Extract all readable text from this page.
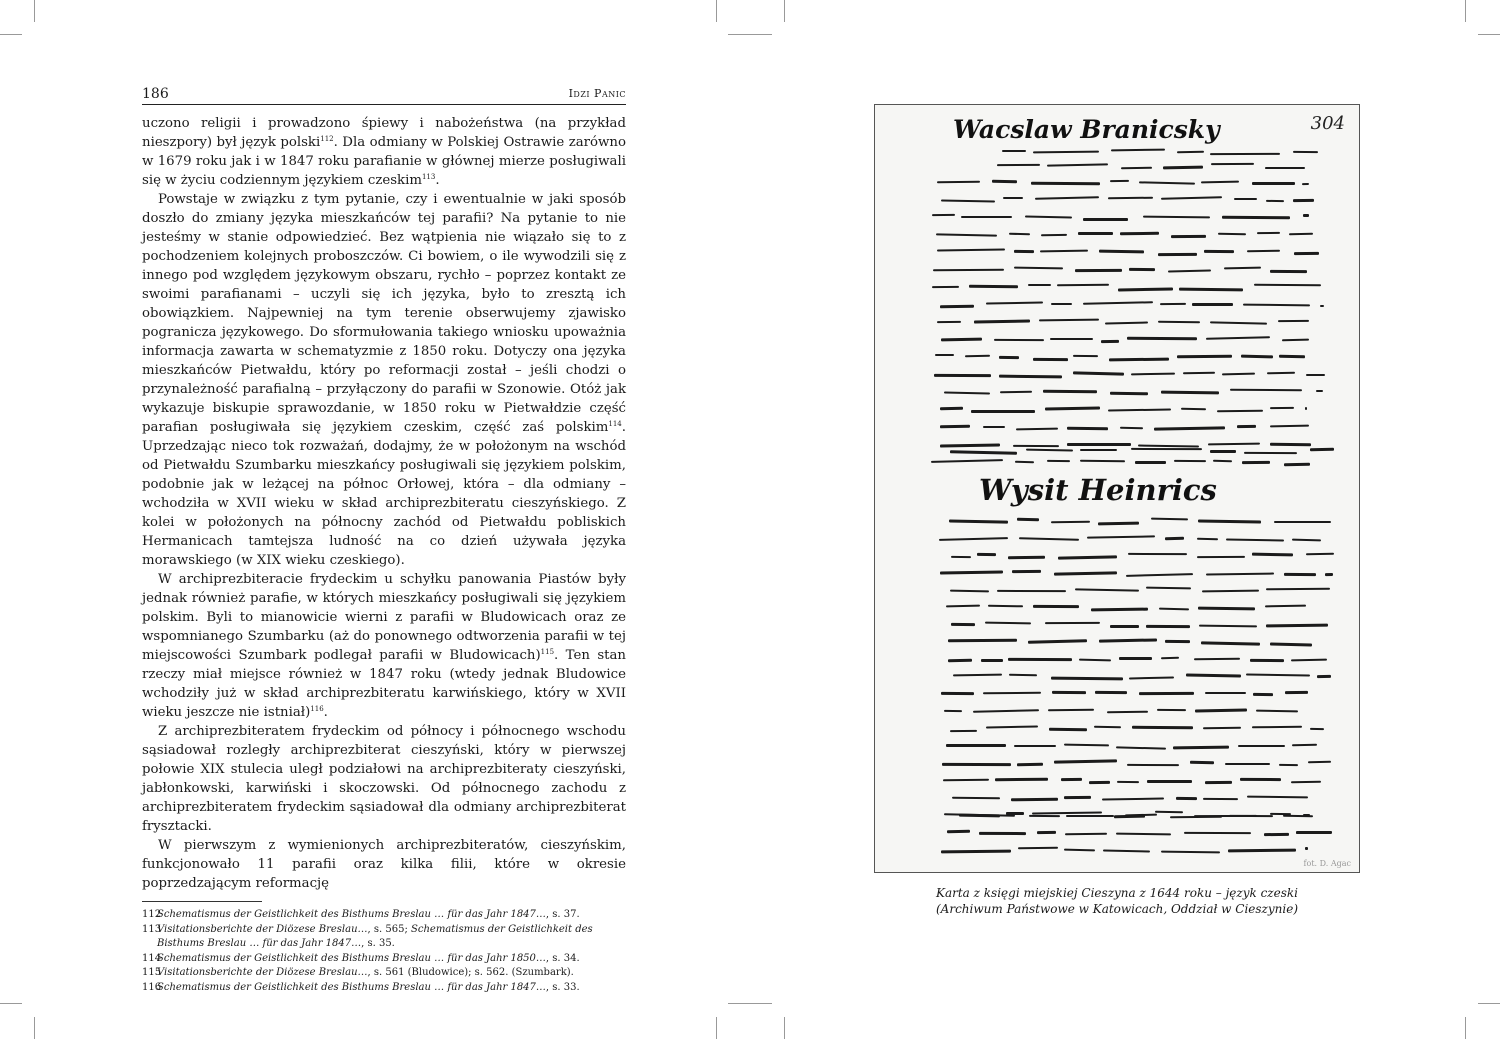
186	Idzi Panic

uczono religii i prowadzono śpiewy i nabożeństwa (na przykład nieszpory) był język polski$^{112}$. Dla odmiany w Polskiej Ostrawie zarówno w 1679 roku jak i w 1847 roku parafianie w głównej mierze posługiwali się w życiu codziennym językiem czeskim$^{113}$.

Powstaje w związku z tym pytanie, czy i ewentualnie w jaki sposób doszło do zmiany języka mieszkańców tej parafii? Na pytanie to nie jesteśmy w stanie odpowiedzieć. Bez wątpienia nie wiązało się to z pochodzeniem kolejnych proboszczów. Ci bowiem, o ile wywodzili się z innego pod względem językowym obszaru, rychło – poprzez kontakt ze swoimi parafianami – uczyli się ich języka, było to zresztą ich obowiązkiem. Najpewniej na tym terenie obserwujemy zjawisko pogranicza językowego. Do sformułowania takiego wniosku upoważnia informacja zawarta w schematyzmie z 1850 roku. Dotyczy ona języka mieszkańców Pietwałdu, który po reformacji został – jeśli chodzi o przynależność parafialną – przyłączony do parafii w Szonowie. Otóż jak wykazuje biskupie sprawozdanie, w 1850 roku w Pietwałdzie część parafian posługiwała się językiem czeskim, część zaś polskim$^{114}$. Uprzedzając nieco tok rozważań, dodajmy, że w położonym na wschód od Pietwałdu Szumbarku mieszkańcy posługiwali się językiem polskim, podobnie jak w leżącej na północ Orłowej, która – dla odmiany – wchodziła w XVII wieku w skład archiprezbiteratu cieszyńskiego. Z kolei w położonych na północny zachód od Pietwałdu pobliskich Hermanicach tamtejsza ludność na co dzień używała języka morawskiego (w XIX wieku czeskiego).

W archiprezbiteracie frydeckim u schyłku panowania Piastów były jednak również parafie, w których mieszkańcy posługiwali się językiem polskim. Byli to mianowicie wierni z parafii w Bludowicach oraz ze wspomnianego Szumbarku (aż do ponownego odtworzenia parafii w tej miejscowości Szumbark podlegał parafii w Bludowicach)$^{115}$. Ten stan rzeczy miał miejsce również w 1847 roku (wtedy jednak Bludowice wchodziły już w skład archiprezbiteratu karwińskiego, który w XVII wieku jeszcze nie istniał)$^{116}$.

Z archiprezbiteratem frydeckim od północy i północnego wschodu sąsiadował rozległy archiprezbiterat cieszyński, który w pierwszej połowie XIX stulecia uległ podziałowi na archiprezbiteraty cieszyński, jabłonkowski, karwiński i skoczowski. Od północnego zachodu z archiprezbiteratem frydeckim sąsiadował dla odmiany archiprezbiterat frysztacki.

W pierwszym z wymienionych archiprezbiteratów, cieszyńskim, funkcjonowało 11 parafii oraz kilka filii, które w okresie poprzedzającym reformację

112
Schematismus der Geistlichkeit des Bisthums Breslau … für das Jahr 1847…, s. 37.
113
Visitationsberichte der Diözese Breslau…, s. 565; Schematismus der Geistlichkeit des Bisthums Breslau … für das Jahr 1847…, s. 35.
114
Schematismus der Geistlichkeit des Bisthums Breslau … für das Jahr 1850…, s. 34.
115
Visitationsberichte der Diözese Breslau…, s. 561 (Bludowice); s. 562. (Szumbark).
116
Schematismus der Geistlichkeit des Bisthums Breslau … für das Jahr 1847…, s. 33.
Wacslaw Branicsky	304
Wysit Heinrics
fot. D. Agac
Karta z księgi miejskiej Cieszyna z 1644 roku – język czeski
(Archiwum Państwowe w Katowicach, Oddział w Cieszynie)
